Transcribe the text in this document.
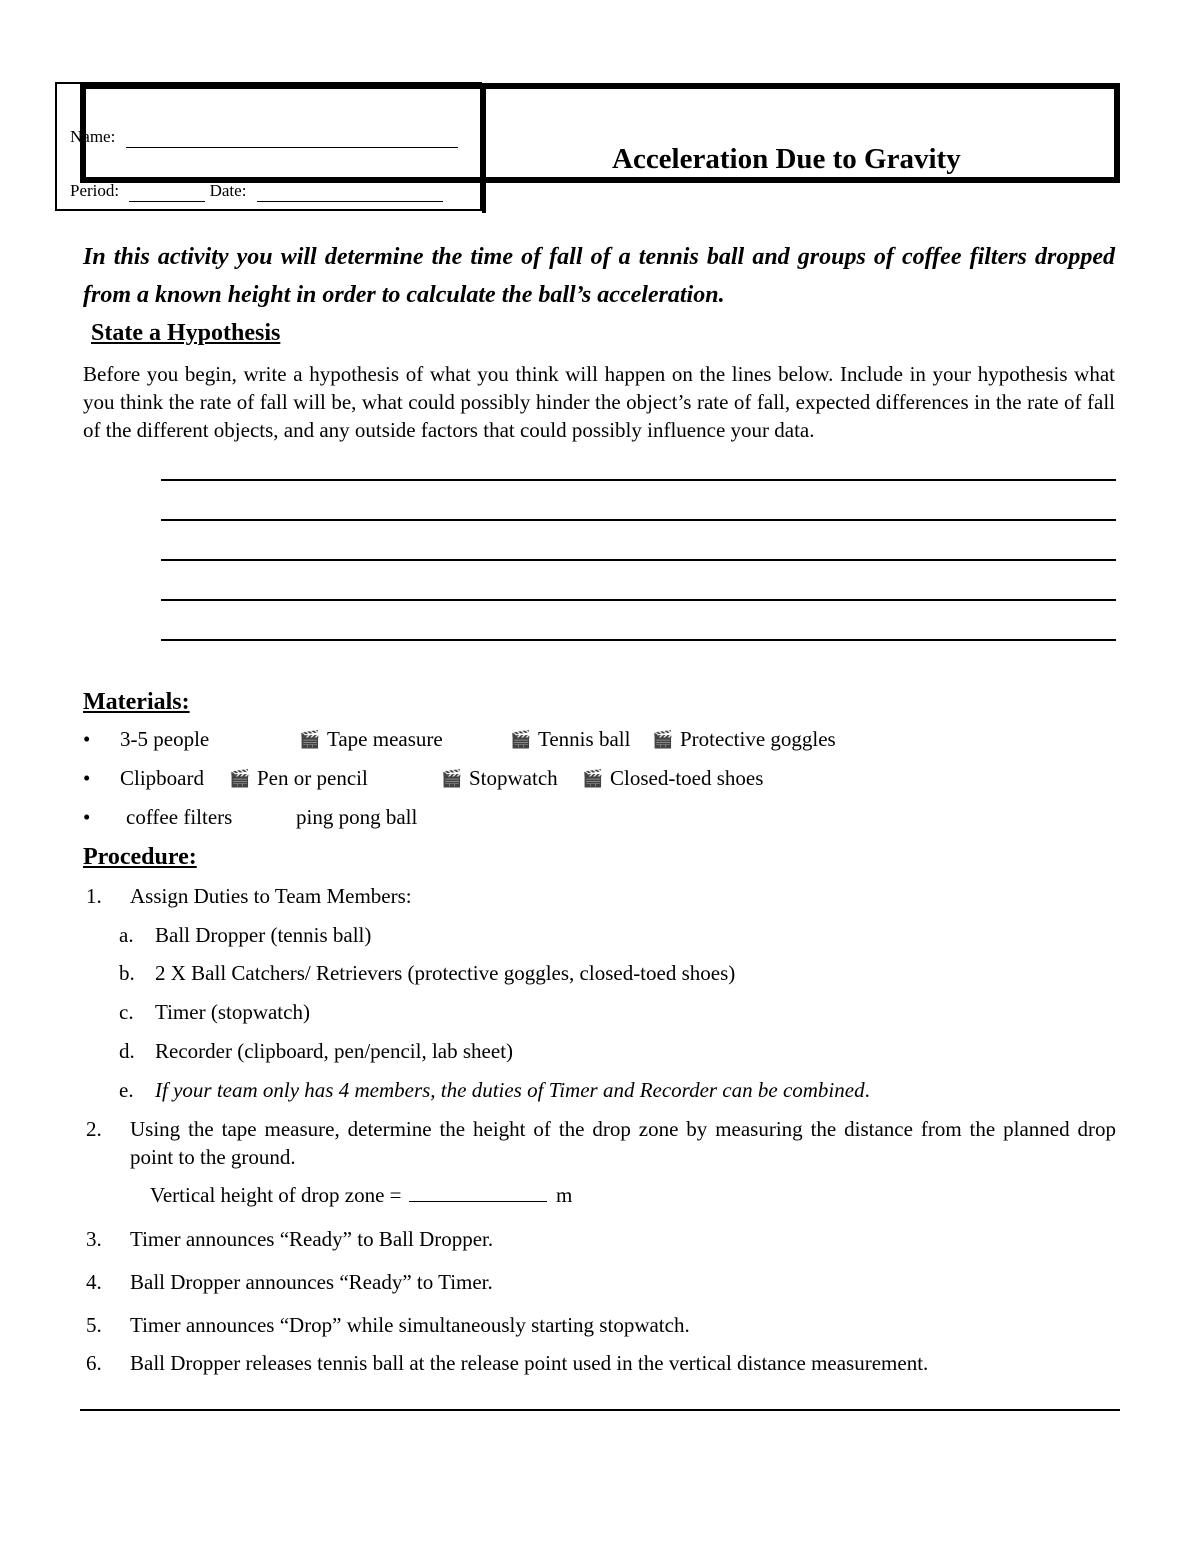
Name:
Period:	Date:
Acceleration Due to Gravity
In this activity you will determine the time of fall of a tennis ball and groups of coffee filters dropped from a known height in order to calculate the ball’s acceleration.
State a Hypothesis
Before you begin, write a hypothesis of what you think will happen on the lines below. Include in your hypothesis what you think the rate of fall will be, what could possibly hinder the object’s rate of fall, expected differences in the rate of fall of the different objects, and any outside factors that could possibly influence your data.
Materials:
• 3-5 people	🎬 Tape measure	🎬 Tennis ball 🎬 Protective goggles
• Clipboard 🎬 Pen or pencil	🎬 Stopwatch 🎬 Closed-toed shoes
• coffee filters	ping pong ball
Procedure:
1. Assign Duties to Team Members:
a. Ball Dropper (tennis ball)
b. 2 X Ball Catchers/ Retrievers (protective goggles, closed-toed shoes)
c. Timer (stopwatch)
d. Recorder (clipboard, pen/pencil, lab sheet)
e. If your team only has 4 members, the duties of Timer and Recorder can be combined.
2. Using the tape measure, determine the height of the drop zone by measuring the distance from the planned drop point to the ground.
Vertical height of drop zone =	m
3. Timer announces “Ready” to Ball Dropper.
4. Ball Dropper announces “Ready” to Timer.
5. Timer announces “Drop” while simultaneously starting stopwatch.
6. Ball Dropper releases tennis ball at the release point used in the vertical distance measurement.
